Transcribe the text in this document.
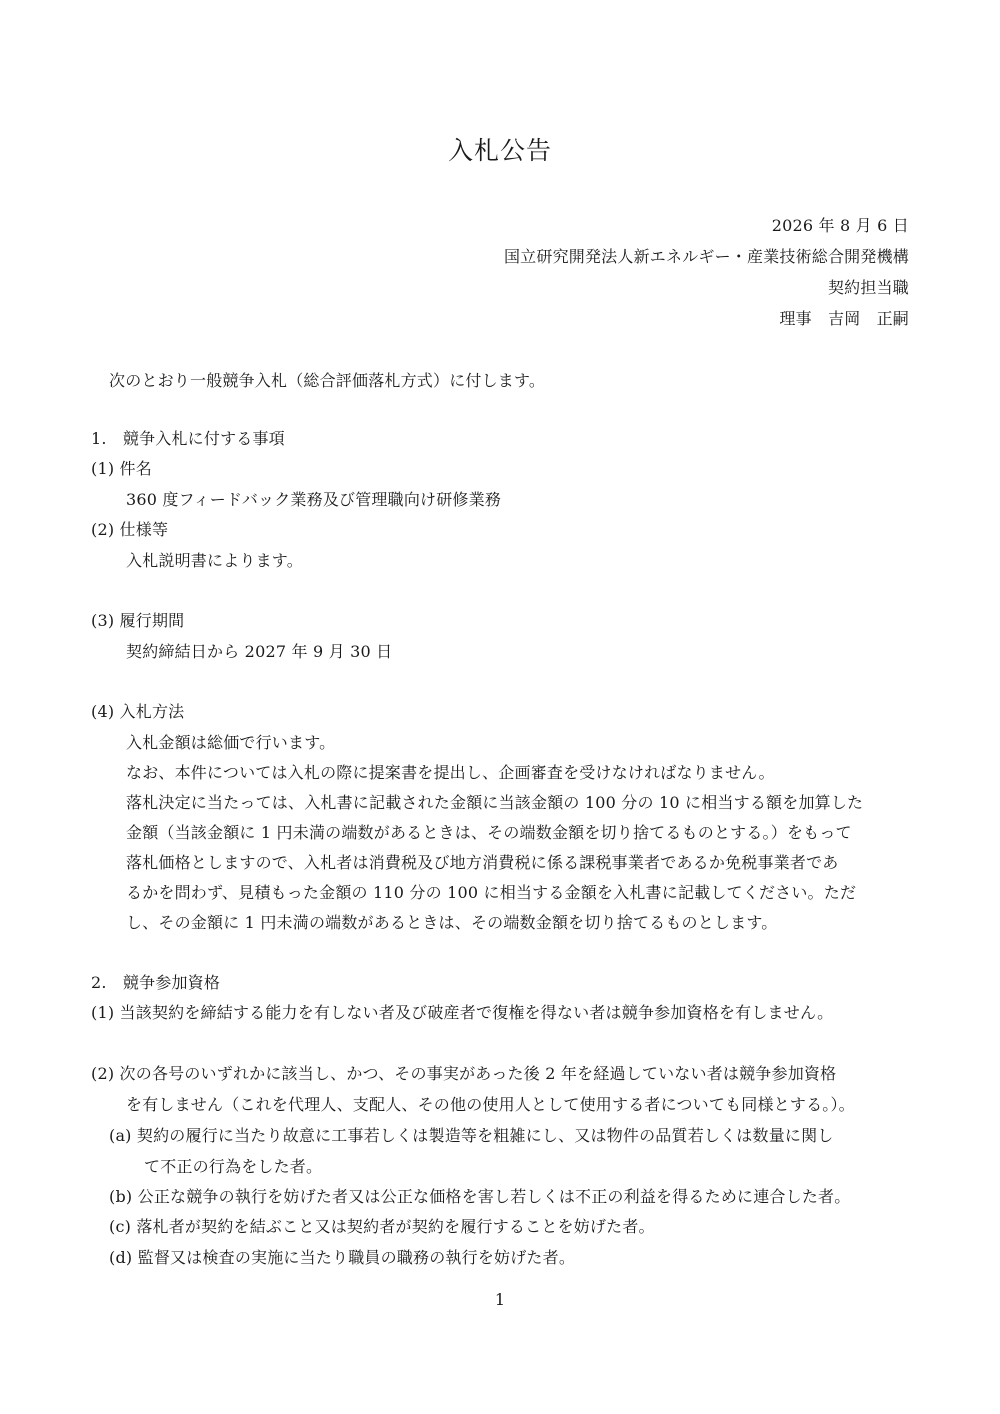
入札公告
2026 年 8 月 6 日
国立研究開発法人新エネルギー・産業技術総合開発機構
契約担当職
理事　吉岡　正嗣
次のとおり一般競争入札（総合評価落札方式）に付します。
1.　競争入札に付する事項
(1) 件名
360 度フィードバック業務及び管理職向け研修業務
(2) 仕様等
入札説明書によります。
(3) 履行期間
契約締結日から 2027 年 9 月 30 日
(4) 入札方法
入札金額は総価で行います。
なお、本件については入札の際に提案書を提出し、企画審査を受けなければなりません。
落札決定に当たっては、入札書に記載された金額に当該金額の 100 分の 10 に相当する額を加算した
金額（当該金額に 1 円未満の端数があるときは、その端数金額を切り捨てるものとする。）をもって
落札価格としますので、入札者は消費税及び地方消費税に係る課税事業者であるか免税事業者であ
るかを問わず、見積もった金額の 110 分の 100 に相当する金額を入札書に記載してください。ただ
し、その金額に 1 円未満の端数があるときは、その端数金額を切り捨てるものとします。
2.　競争参加資格
(1) 当該契約を締結する能力を有しない者及び破産者で復権を得ない者は競争参加資格を有しません。
(2) 次の各号のいずれかに該当し、かつ、その事実があった後 2 年を経過していない者は競争参加資格
を有しません（これを代理人、支配人、その他の使用人として使用する者についても同様とする。）。
(a) 契約の履行に当たり故意に工事若しくは製造等を粗雑にし、又は物件の品質若しくは数量に関し
て不正の行為をした者。
(b) 公正な競争の執行を妨げた者又は公正な価格を害し若しくは不正の利益を得るために連合した者。
(c) 落札者が契約を結ぶこと又は契約者が契約を履行することを妨げた者。
(d) 監督又は検査の実施に当たり職員の職務の執行を妨げた者。
1
